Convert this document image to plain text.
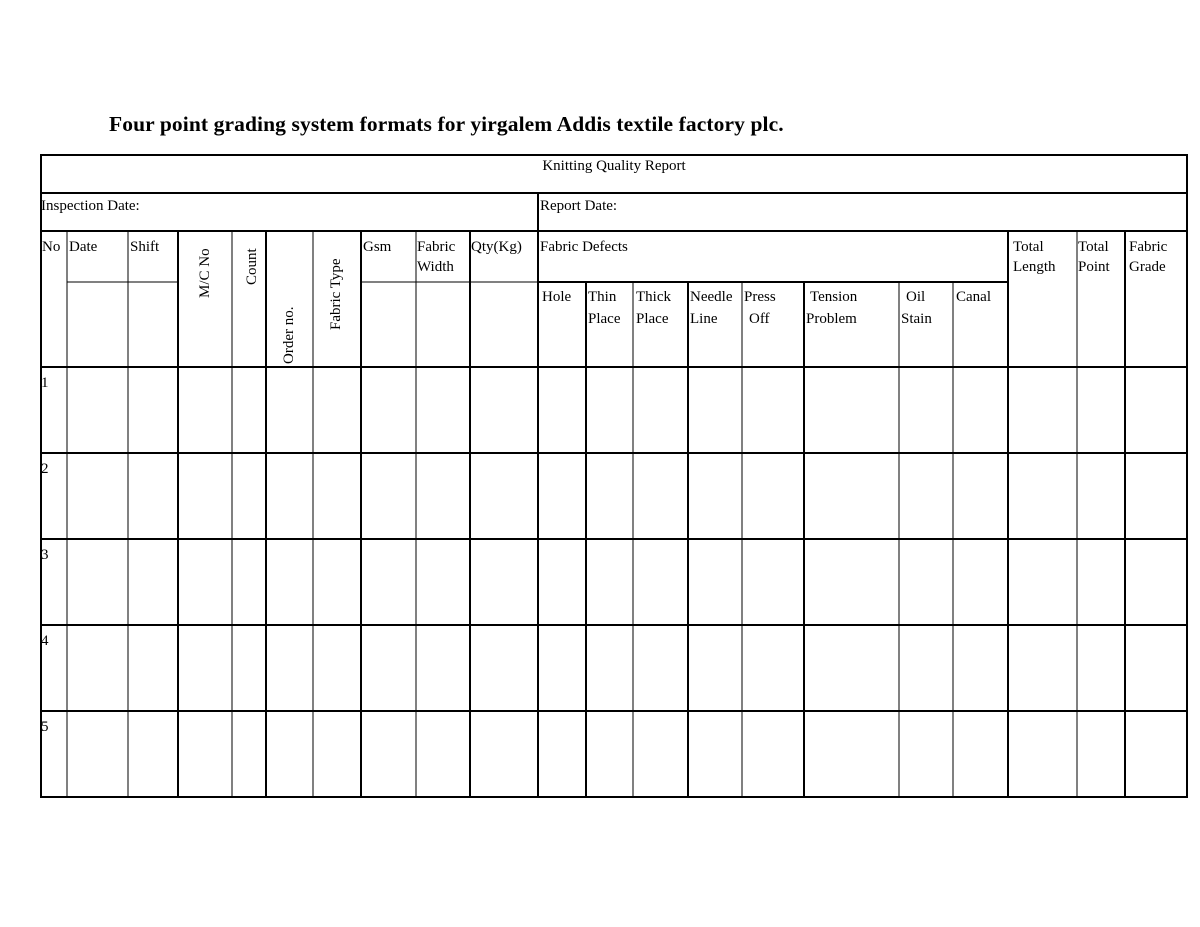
Four point grading system formats for yirgalem Addis textile factory plc.
Knitting Quality Report
Inspection Date:	Report Date:
No Date Shift
M/C No Count
Order no.
Fabric Type
Gsm Fabric
Width
Qty(Kg) Fabric Defects	Total
Length
Total
Point
Fabric
Grade
Hole Thin
Place
Thick
Place
Needle
Line
Press
Off
Tension
Problem
Oil
Stain
Canal
1
2
3
4
5
